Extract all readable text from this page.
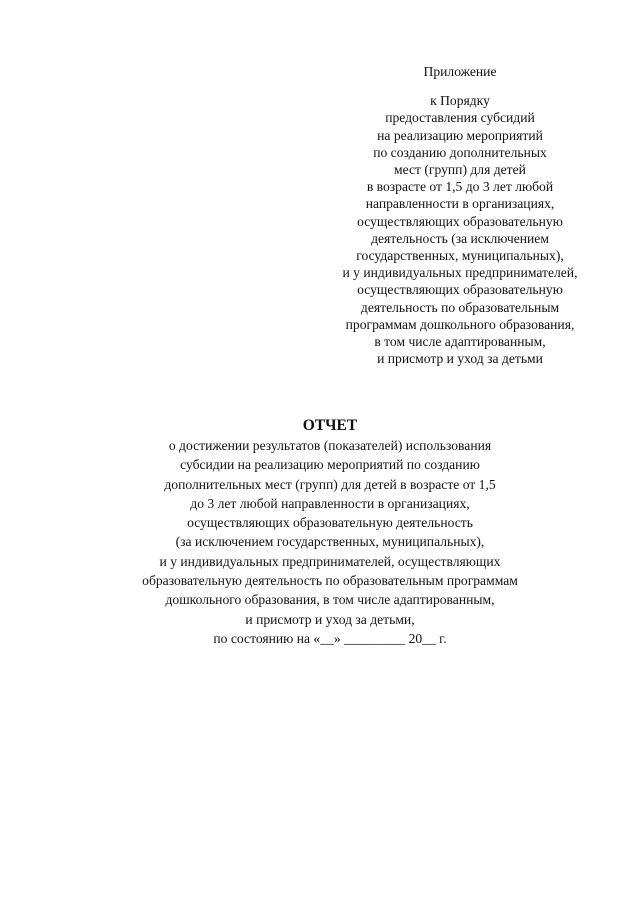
Приложение
к Порядку
предоставления субсидий
на реализацию мероприятий
по созданию дополнительных
мест (групп) для детей
в возрасте от 1,5 до 3 лет любой
направленности в организациях,
осуществляющих образовательную
деятельность (за исключением
государственных, муниципальных),
и у индивидуальных предпринимателей,
осуществляющих образовательную
деятельность по образовательным
программам дошкольного образования,
в том числе адаптированным,
и присмотр и уход за детьми
ОТЧЕТ
о достижении результатов (показателей) использования
субсидии на реализацию мероприятий по созданию
дополнительных мест (групп) для детей в возрасте от 1,5
до 3 лет любой направленности в организациях,
осуществляющих образовательную деятельность
(за исключением государственных, муниципальных),
и у индивидуальных предпринимателей, осуществляющих
образовательную деятельность по образовательным программам
дошкольного образования, в том числе адаптированным,
и присмотр и уход за детьми,
по состоянию на «__» _________ 20__ г.
